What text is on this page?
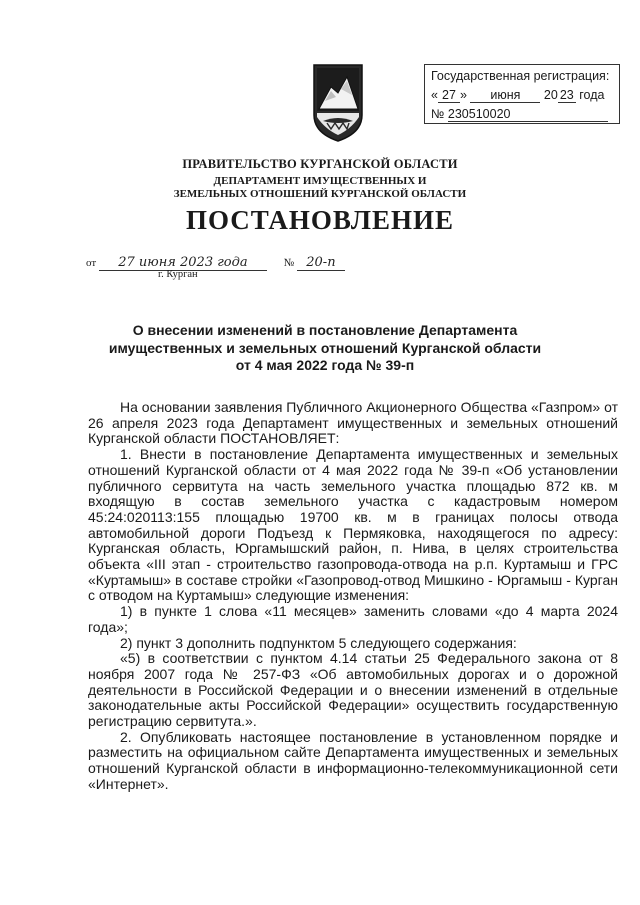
Государственная регистрация:
« 27 » июня 20 23 года
№ 230510020
ПРАВИТЕЛЬСТВО КУРГАНСКОЙ ОБЛАСТИ
ДЕПАРТАМЕНТ ИМУЩЕСТВЕННЫХ И
ЗЕМЕЛЬНЫХ ОТНОШЕНИЙ КУРГАНСКОЙ ОБЛАСТИ
ПОСТАНОВЛЕНИЕ
от 27 июня 2023 года	№ 20-п
г. Курган
О внесении изменений в постановление Департамента
имущественных и земельных отношений Курганской области
от 4 мая 2022 года № 39-п

На основании заявления Публичного Акционерного Общества «Газпром» от 26 апреля 2023 года Департамент имущественных и земельных отношений Курганской области ПОСТАНОВЛЯЕТ:

1. Внести в постановление Департамента имущественных и земельных отношений Курганской области от 4 мая 2022 года № 39-п «Об установлении публичного сервитута на часть земельного участка площадью 872 кв. м входящую в состав земельного участка с кадастровым номером 45:24:020113:155 площадью 19700 кв. м в границах полосы отвода автомобильной дороги Подъезд к Пермяковка, находящегося по адресу: Курганская область, Юргамышский район, п. Нива, в целях строительства объекта «III этап - строительство газопровода-отвода на р.п. Куртамыш и ГРС «Куртамыш» в составе стройки «Газопровод-отвод Мишкино - Юргамыш - Курган с отводом на Куртамыш» следующие изменения:

1) в пункте 1 слова «11 месяцев» заменить словами «до 4 марта 2024 года»;

2) пункт 3 дополнить подпунктом 5 следующего содержания:

«5) в соответствии с пунктом 4.14 статьи 25 Федерального закона от 8 ноября 2007 года № 257-ФЗ «Об автомобильных дорогах и о дорожной деятельности в Российской Федерации и о внесении изменений в отдельные законодательные акты Российской Федерации» осуществить государственную регистрацию сервитута.».

2. Опубликовать настоящее постановление в установленном порядке и разместить на официальном сайте Департамента имущественных и земельных отношений Курганской области в информационно-телекоммуникационной сети «Интернет».
